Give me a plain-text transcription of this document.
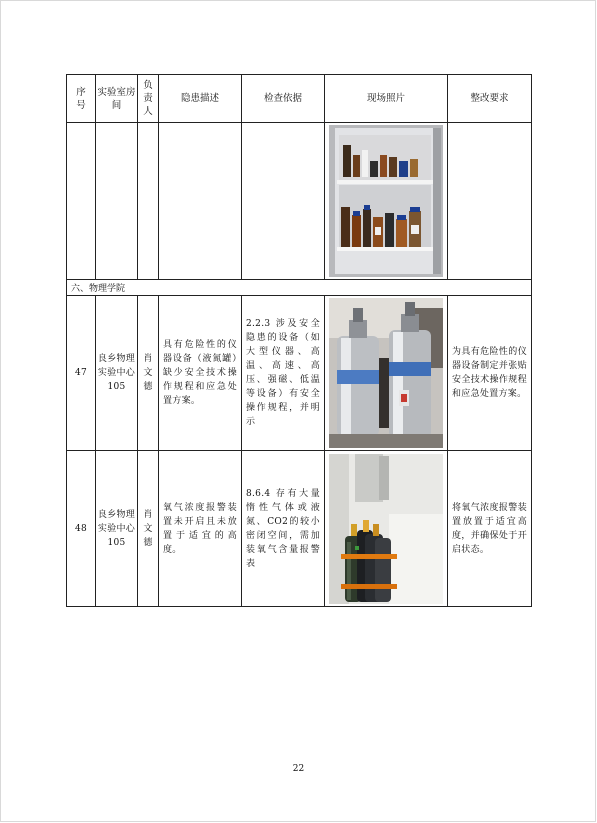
序号	实验室房间	负责人	隐患描述	检查依据	现场照片	整改要求

六、物理学院						
47	良乡物理实验中心105	肖文德	具有危险性的仪器设备（液氮罐）缺少安全技术操作规程和应急处置方案。	2.2.3 涉及安全隐患的设备（如大型仪器、高温、高速、高压、强磁、低温等设备）有安全操作规程，并明示		为具有危险性的仪器设备制定并张贴安全技术操作规程和应急处置方案。
48	良乡物理实验中心105	肖文德	氧气浓度报警装置未开启且未放置于适宜的高度。	8.6.4 存有大量惰性气体或液氮、CO2的较小密闭空间，需加装氧气含量报警表		将氧气浓度报警装置放置于适宜高度，并确保处于开启状态。
22
